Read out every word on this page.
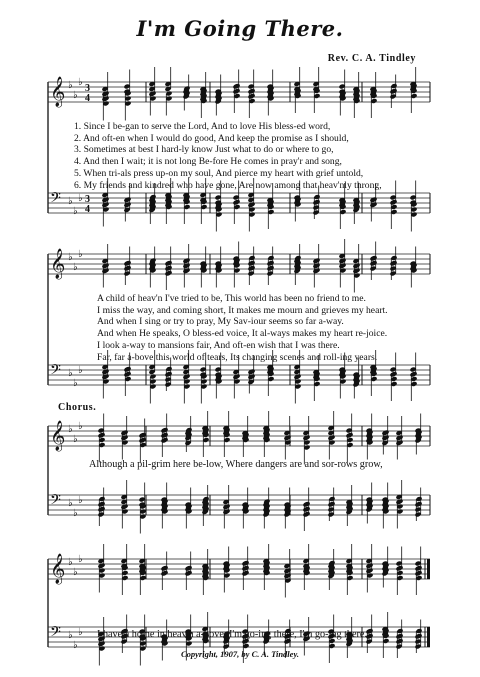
I'm Going There.
Rev. C. A. Tindley
𝄞 ♭
♭
♭
3
4
𝄢 ♭
♭
♭ 3
4
1. Since I be-gan to serve the Lord, And to love His bless-ed word,
2. And oft-en when I would do good, And keep the promise as I should,
3. Sometimes at best I hard-ly know Just what to do or where to go,
4. And then I wait; it is not long Be-fore He comes in pray'r and song,
5. When tri-als press up-on my soul, And pierce my heart with grief untold,
6. My friends and kindred who have gone, Are now among that heav'nly throng,
𝄞 ♭
♭
♭
𝄢 ♭
♭
♭
A child of heav'n I've tried to be, This world has been no friend to me.
I miss the way, and coming short, It makes me mourn and grieves my heart.
And when I sing or try to pray, My Sav-iour seems so far a-way.
And when He speaks, O bless-ed voice, It al-ways makes my heart re-joice.
I look a-way to mansions fair, And oft-en wish that I was there.
Far, far a-bove this world of tears, Its changing scenes and roll-ing years.
Chorus.
𝄞 ♭
♭
♭
𝄢 ♭
♭
♭
Although a pil-grim here be-low, Where dangers are and sor-rows grow,
𝄞 ♭
♭
♭
𝄢 ♭
♭
♭ I have a home in heav'n a-bove, I'm go-ing there, I'm go-ing there.
Copyright, 1907, by C. A. Tindley.
